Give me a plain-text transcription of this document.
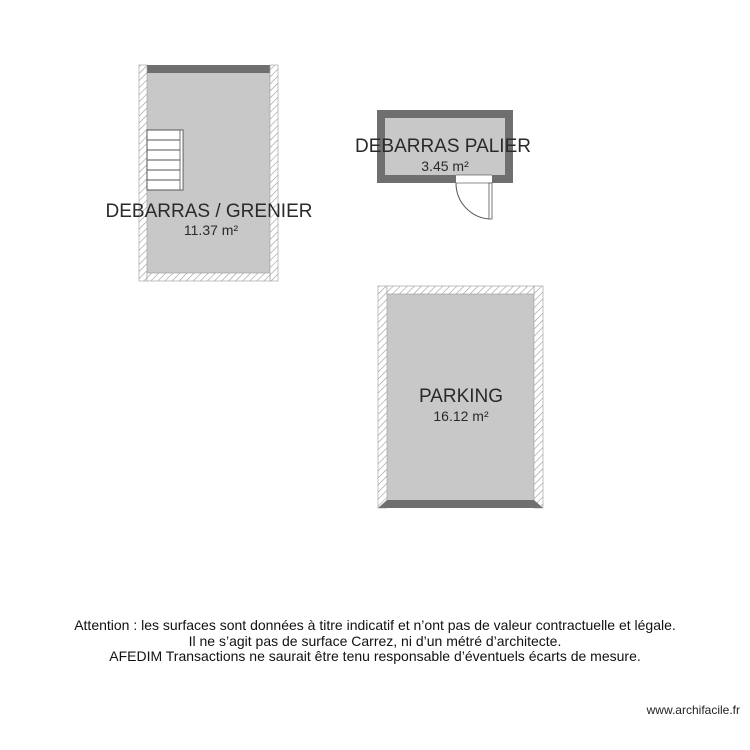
DEBARRAS / GRENIER
11.37 m²
DEBARRAS PALIER
3.45 m²
PARKING
16.12 m²
Attention : les surfaces sont données à titre indicatif et n’ont pas de valeur contractuelle et légale.
Il ne s’agit pas de surface Carrez, ni d’un métré d’architecte.
AFEDIM Transactions ne saurait être tenu responsable d’éventuels écarts de mesure.
www.archifacile.fr
